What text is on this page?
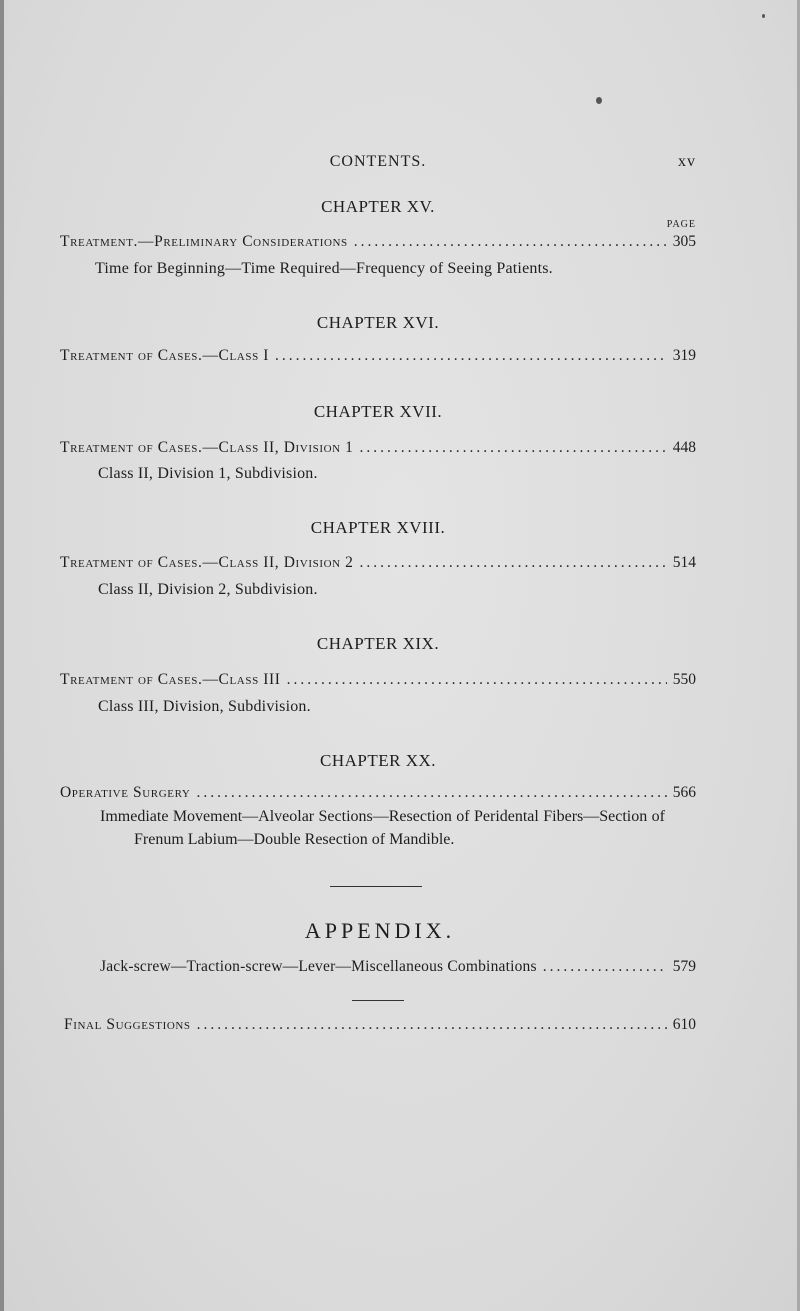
CONTENTS.	xv
CHAPTER XV.
PAGE
Treatment.—Preliminary Considerations .....	305
Time for Beginning—Time Required—Frequency of Seeing Patients.
CHAPTER XVI.
Treatment of Cases.—Class I .....	319
CHAPTER XVII.
Treatment of Cases.—Class II, Division 1 .....	448
Class II, Division 1, Subdivision.
CHAPTER XVIII.
Treatment of Cases.—Class II, Division 2 .....	514
Class II, Division 2, Subdivision.
CHAPTER XIX.
Treatment of Cases.—Class III .....	550
Class III, Division, Subdivision.
CHAPTER XX.
Operative Surgery .....	566
Immediate Movement—Alveolar Sections—Resection of Peridental Fibers—Section of Frenum Labium—Double Resection of Mandible.
APPENDIX.
Jack-screw—Traction-screw—Lever—Miscellaneous Combinations .....	579
Final Suggestions .....	610
